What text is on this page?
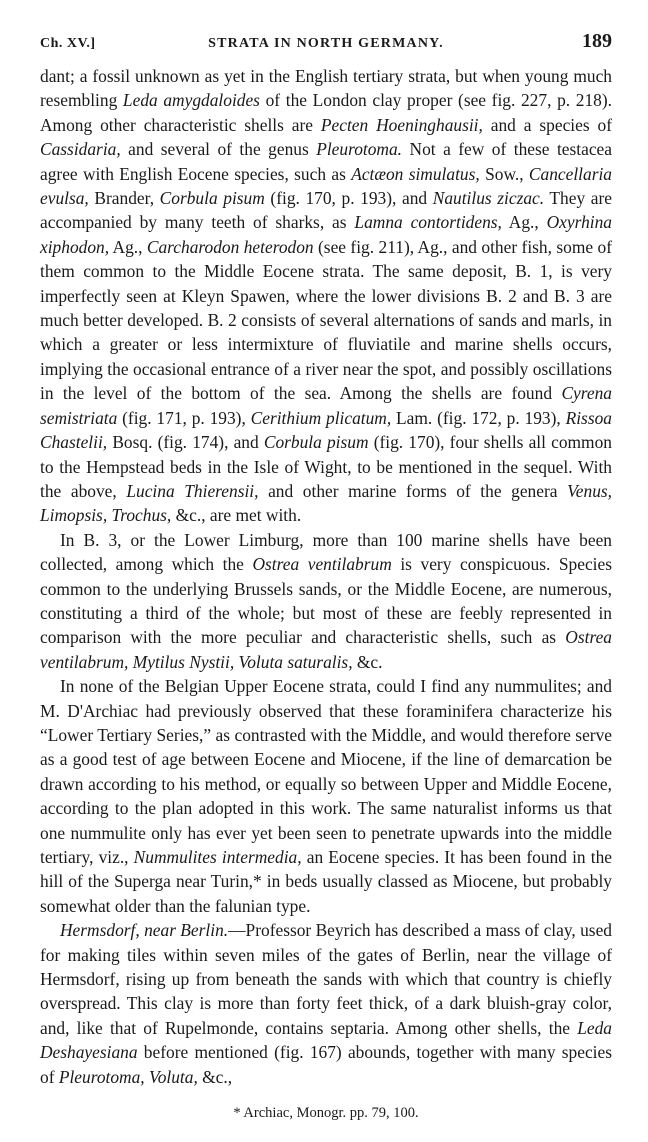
Ch. XV.]	STRATA IN NORTH GERMANY.	189

dant; a fossil unknown as yet in the English tertiary strata, but when young much resembling Leda amygdaloides of the London clay proper (see fig. 227, p. 218). Among other characteristic shells are Pecten Hoeninghausii, and a species of Cassidaria, and several of the genus Pleurotoma. Not a few of these testacea agree with English Eocene species, such as Actæon simulatus, Sow., Cancellaria evulsa, Brander, Corbula pisum (fig. 170, p. 193), and Nautilus ziczac. They are accompanied by many teeth of sharks, as Lamna contortidens, Ag., Oxyrhina xiphodon, Ag., Carcharodon heterodon (see fig. 211), Ag., and other fish, some of them common to the Middle Eocene strata. The same deposit, B. 1, is very imperfectly seen at Kleyn Spawen, where the lower divisions B. 2 and B. 3 are much better developed. B. 2 consists of several alternations of sands and marls, in which a greater or less intermixture of fluviatile and marine shells occurs, implying the occasional entrance of a river near the spot, and possibly oscillations in the level of the bottom of the sea. Among the shells are found Cyrena semistriata (fig. 171, p. 193), Cerithium plicatum, Lam. (fig. 172, p. 193), Rissoa Chastelii, Bosq. (fig. 174), and Corbula pisum (fig. 170), four shells all common to the Hempstead beds in the Isle of Wight, to be mentioned in the sequel. With the above, Lucina Thierensii, and other marine forms of the genera Venus, Limopsis, Trochus, &c., are met with.

In B. 3, or the Lower Limburg, more than 100 marine shells have been collected, among which the Ostrea ventilabrum is very conspicuous. Species common to the underlying Brussels sands, or the Middle Eocene, are numerous, constituting a third of the whole; but most of these are feebly represented in comparison with the more peculiar and characteristic shells, such as Ostrea ventilabrum, Mytilus Nystii, Voluta saturalis, &c.

In none of the Belgian Upper Eocene strata, could I find any nummulites; and M. D'Archiac had previously observed that these foraminifera characterize his “Lower Tertiary Series,” as contrasted with the Middle, and would therefore serve as a good test of age between Eocene and Miocene, if the line of demarcation be drawn according to his method, or equally so between Upper and Middle Eocene, according to the plan adopted in this work. The same naturalist informs us that one nummulite only has ever yet been seen to penetrate upwards into the middle tertiary, viz., Nummulites intermedia, an Eocene species. It has been found in the hill of the Superga near Turin,* in beds usually classed as Miocene, but probably somewhat older than the falunian type.

Hermsdorf, near Berlin.—Professor Beyrich has described a mass of clay, used for making tiles within seven miles of the gates of Berlin, near the village of Hermsdorf, rising up from beneath the sands with which that country is chiefly overspread. This clay is more than forty feet thick, of a dark bluish-gray color, and, like that of Rupelmonde, contains septaria. Among other shells, the Leda Deshayesiana before mentioned (fig. 167) abounds, together with many species of Pleurotoma, Voluta, &c.,

* Archiac, Monogr. pp. 79, 100.
